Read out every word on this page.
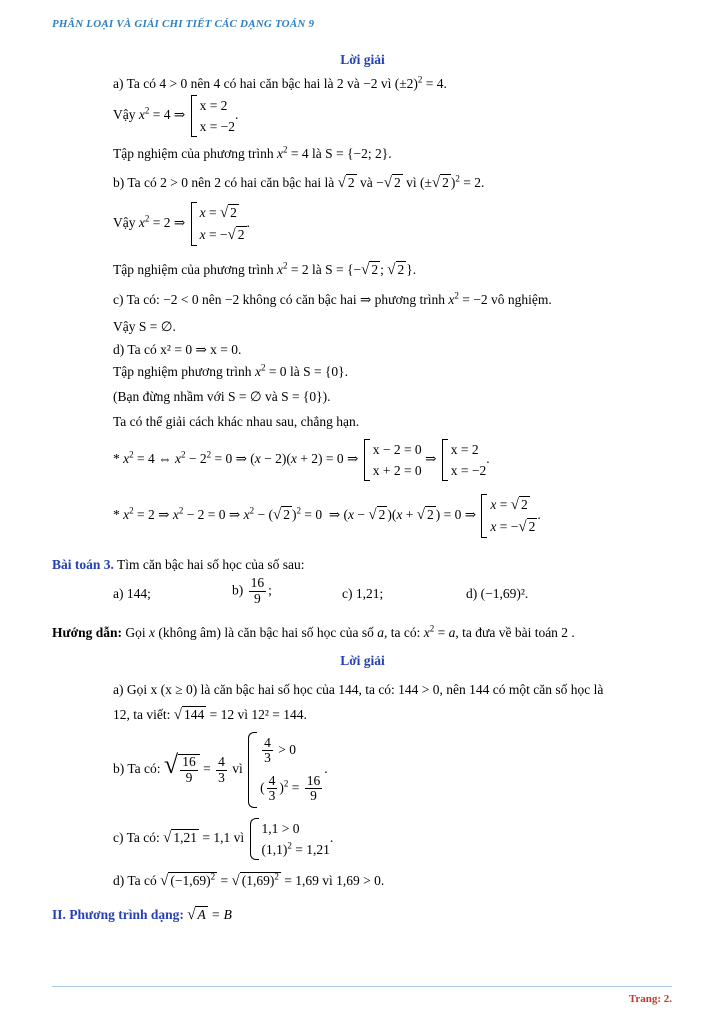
PHÂN LOẠI VÀ GIẢI CHI TIẾT CÁC DẠNG TOÁN 9
Lời giải
a) Ta có 4 > 0 nên 4 có hai căn bậc hai là 2 và −2 vì $(\pm 2)^2 = 4$.
Vậy $x^2 = 4$ ⇒
x = 2
x = −2
.
Tập nghiệm của phương trình $x^2 = 4$ là S = {−2; 2}.
b) Ta có 2 > 0 nên 2 có hai căn bậc hai là √ 2 và −√ 2 vì (±√ 2 )$^2$ = 2.
Vậy $x^2 = 2$ ⇒
x = √ 2
x = −√ 2
.
Tập nghiệm của phương trình $x^2 = 2$ là S = {−√ 2 ; √ 2 }.
c) Ta có: −2 < 0 nên −2 không có căn bậc hai ⇒ phương trình $x^2 = -2$ vô nghiệm.
Vậy S = ∅.
d) Ta có x² = 0 ⇒ x = 0.
Tập nghiệm phương trình $x^2 = 0$ là S = {0}.
(Bạn đừng nhầm với S = ∅ và S = {0}).
Ta có thể giải cách khác nhau sau, chẳng hạn.
* $x^2 = 4$ ⇔ $x^2 - 2^2 = 0$ ⇒ (x − 2)(x + 2) = 0 ⇒
x − 2 = 0
x + 2 = 0
⇒
x = 2
x = −2
.
* $x^2 = 2$ ⇒ $x^2 - 2 = 0$ ⇒ $x^2$ − (√ 2 )$^2$ = 0  ⇒ (x − √ 2 )(x + √ 2 ) = 0 ⇒
x = √ 2
x = −√ 2
.
Bài toán 3. Tìm căn bậc hai số học của số sau:
a) 144;	$b) \frac{16}{9}$ ;	c) 1,21;	d) (−1,69)².
Hướng dẫn: Gọi x (không âm) là căn bậc hai số học của số a, ta có: $x^2 = a$, ta đưa về bài toán 2 .
Lời giải
a) Gọi x (x ≥ 0) là căn bậc hai số học của 144, ta có: 144 > 0, nên 144 có một căn số học là
12, ta viết: √ 144 = 12 vì 12² = 144.
b) Ta có: √ $\frac{16}{9} = \frac{4}{3}$ vì
$\frac{4}{3} > 0$
( $\frac{4}{3} )^2 = \frac{16}{9}$
.
c) Ta có: √ 1,21 = 1,1 vì
1,1 > 0
$(1,1)^2 = 1,21$
.
d) Ta có √ $(-1,69)^2$ = √ $(1,69)^2 = 1,69$ vì 1,69 > 0.
II. Phương trình dạng: √ A = B
Trang: 2.
